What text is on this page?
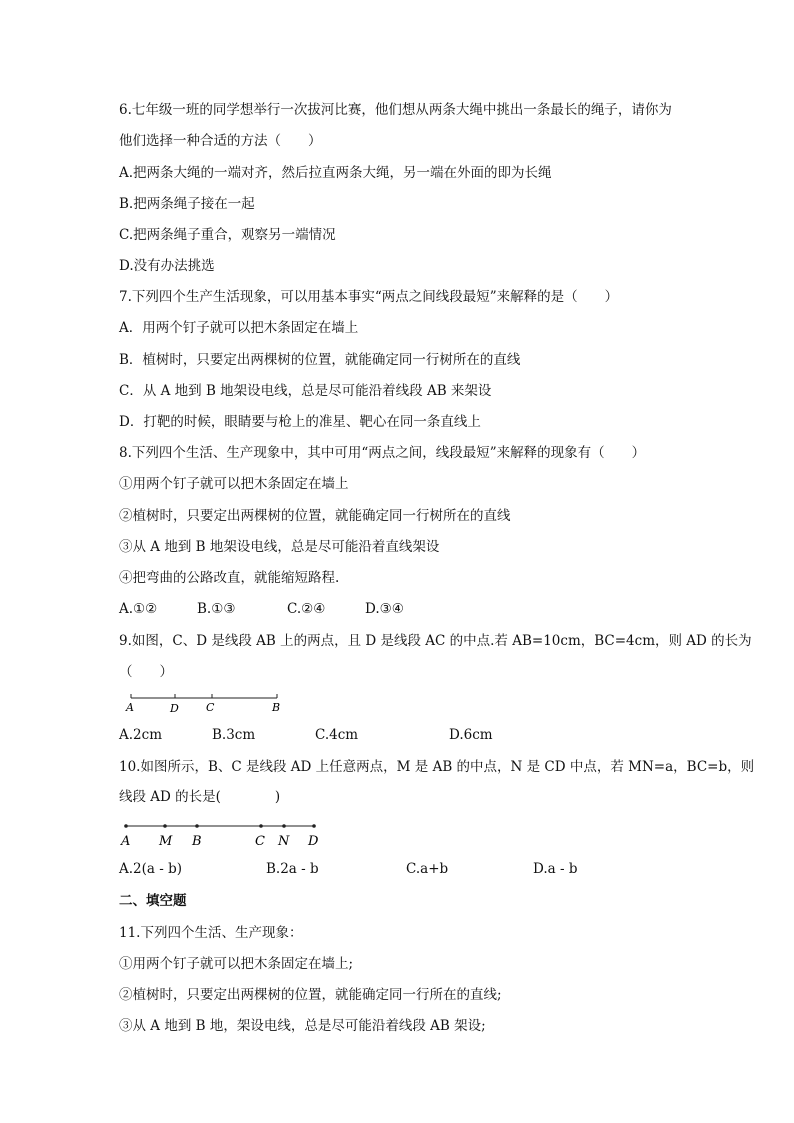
6.七年级一班的同学想举行一次拔河比赛，他们想从两条大绳中挑出一条最长的绳子，请你为
他们选择一种合适的方法（　　）
A.把两条大绳的一端对齐，然后拉直两条大绳，另一端在外面的即为长绳
B.把两条绳子接在一起
C.把两条绳子重合，观察另一端情况
D.没有办法挑选
7.下列四个生产生活现象，可以用基本事实“两点之间线段最短”来解释的是（　　）
A．用两个钉子就可以把木条固定在墙上
B．植树时，只要定出两棵树的位置，就能确定同一行树所在的直线
C．从 A 地到 B 地架设电线，总是尽可能沿着线段 AB 来架设
D．打靶的时候，眼睛要与枪上的准星、靶心在同一条直线上
8.下列四个生活、生产现象中，其中可用“两点之间，线段最短”来解释的现象有（　　）
①用两个钉子就可以把木条固定在墙上
②植树时，只要定出两棵树的位置，就能确定同一行树所在的直线
③从 A 地到 B 地架设电线，总是尽可能沿着直线架设
④把弯曲的公路改直，就能缩短路程.
A.①②	B.①③	C.②④	D.③④
9.如图，C、D 是线段 AB 上的两点，且 D 是线段 AC 的中点.若 AB=10cm，BC=4cm，则 AD 的长为
（　　）
A	D C	B
A.2cm	B.3cm	C.4cm	D.6cm
10.如图所示，B、C 是线段 AD 上任意两点，M 是 AB 的中点，N 是 CD 中点，若 MN=a，BC=b，则
线段 AD 的长是(　　　　)
A M B	C N D
A.2(a - b)	B.2a - b	C.a+b	D.a - b
二、填空题
11.下列四个生活、生产现象：
①用两个钉子就可以把木条固定在墙上;
②植树时，只要定出两棵树的位置，就能确定同一行所在的直线;
③从 A 地到 B 地，架设电线，总是尽可能沿着线段 AB 架设;
